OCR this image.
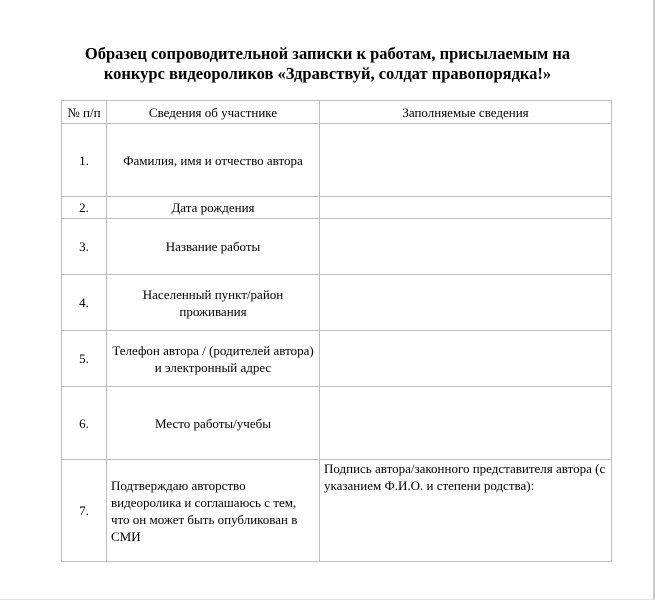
Образец сопроводительной записки к работам, присылаемым на
конкурс видеороликов «Здравствуй, солдат правопорядка!»
№ п/п	Сведения об участнике	Заполняемые сведения
1.	Фамилия, имя и отчество автора	
2.	Дата рождения	
3.	Название работы	
4.	Населенный пункт/район проживания	
5.	Телефон автора / (родителей автора) и электронный адрес	
6.	Место работы/учебы	
7.	Подтверждаю авторство видеоролика и соглашаюсь с тем, что он может быть опубликован в СМИ	Подпись автора/законного представителя автора (с указанием Ф.И.О. и степени родства):
